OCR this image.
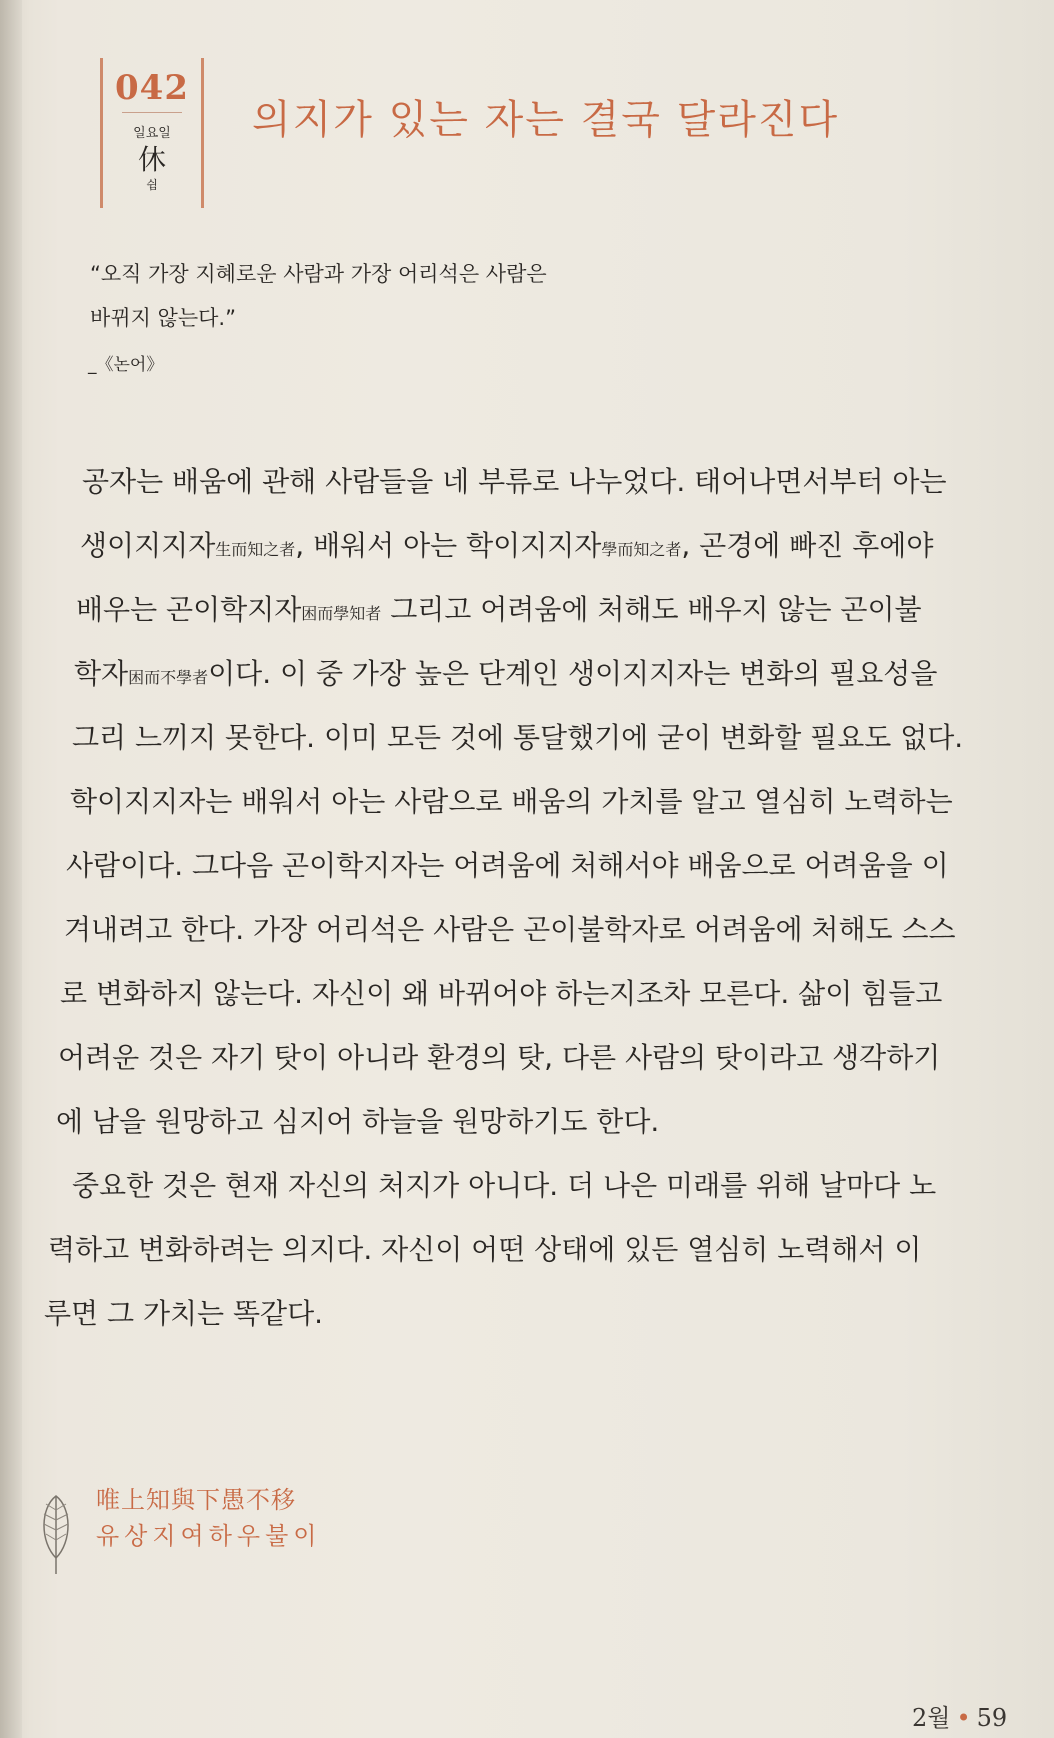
042
일요일
休
쉼
의지가 있는 자는 결국 달라진다
“오직 가장 지혜로운 사람과 가장 어리석은 사람은
바뀌지 않는다.”
_《논어》
공자는 배움에 관해 사람들을 네 부류로 나누었다. 태어나면서부터 아는
생이지지자生而知之者, 배워서 아는 학이지지자學而知之者, 곤경에 빠진 후에야
배우는 곤이학지자困而學知者 그리고 어려움에 처해도 배우지 않는 곤이불
학자困而不學者이다. 이 중 가장 높은 단계인 생이지지자는 변화의 필요성을
그리 느끼지 못한다. 이미 모든 것에 통달했기에 굳이 변화할 필요도 없다.
학이지지자는 배워서 아는 사람으로 배움의 가치를 알고 열심히 노력하는
사람이다. 그다음 곤이학지자는 어려움에 처해서야 배움으로 어려움을 이
겨내려고 한다. 가장 어리석은 사람은 곤이불학자로 어려움에 처해도 스스
로 변화하지 않는다. 자신이 왜 바뀌어야 하는지조차 모른다. 삶이 힘들고
어려운 것은 자기 탓이 아니라 환경의 탓, 다른 사람의 탓이라고 생각하기
에 남을 원망하고 심지어 하늘을 원망하기도 한다.
중요한 것은 현재 자신의 처지가 아니다. 더 나은 미래를 위해 날마다 노
력하고 변화하려는 의지다. 자신이 어떤 상태에 있든 열심히 노력해서 이
루면 그 가치는 똑같다.
唯上知與下愚不移
유상지여하우불이
2월 • 59
